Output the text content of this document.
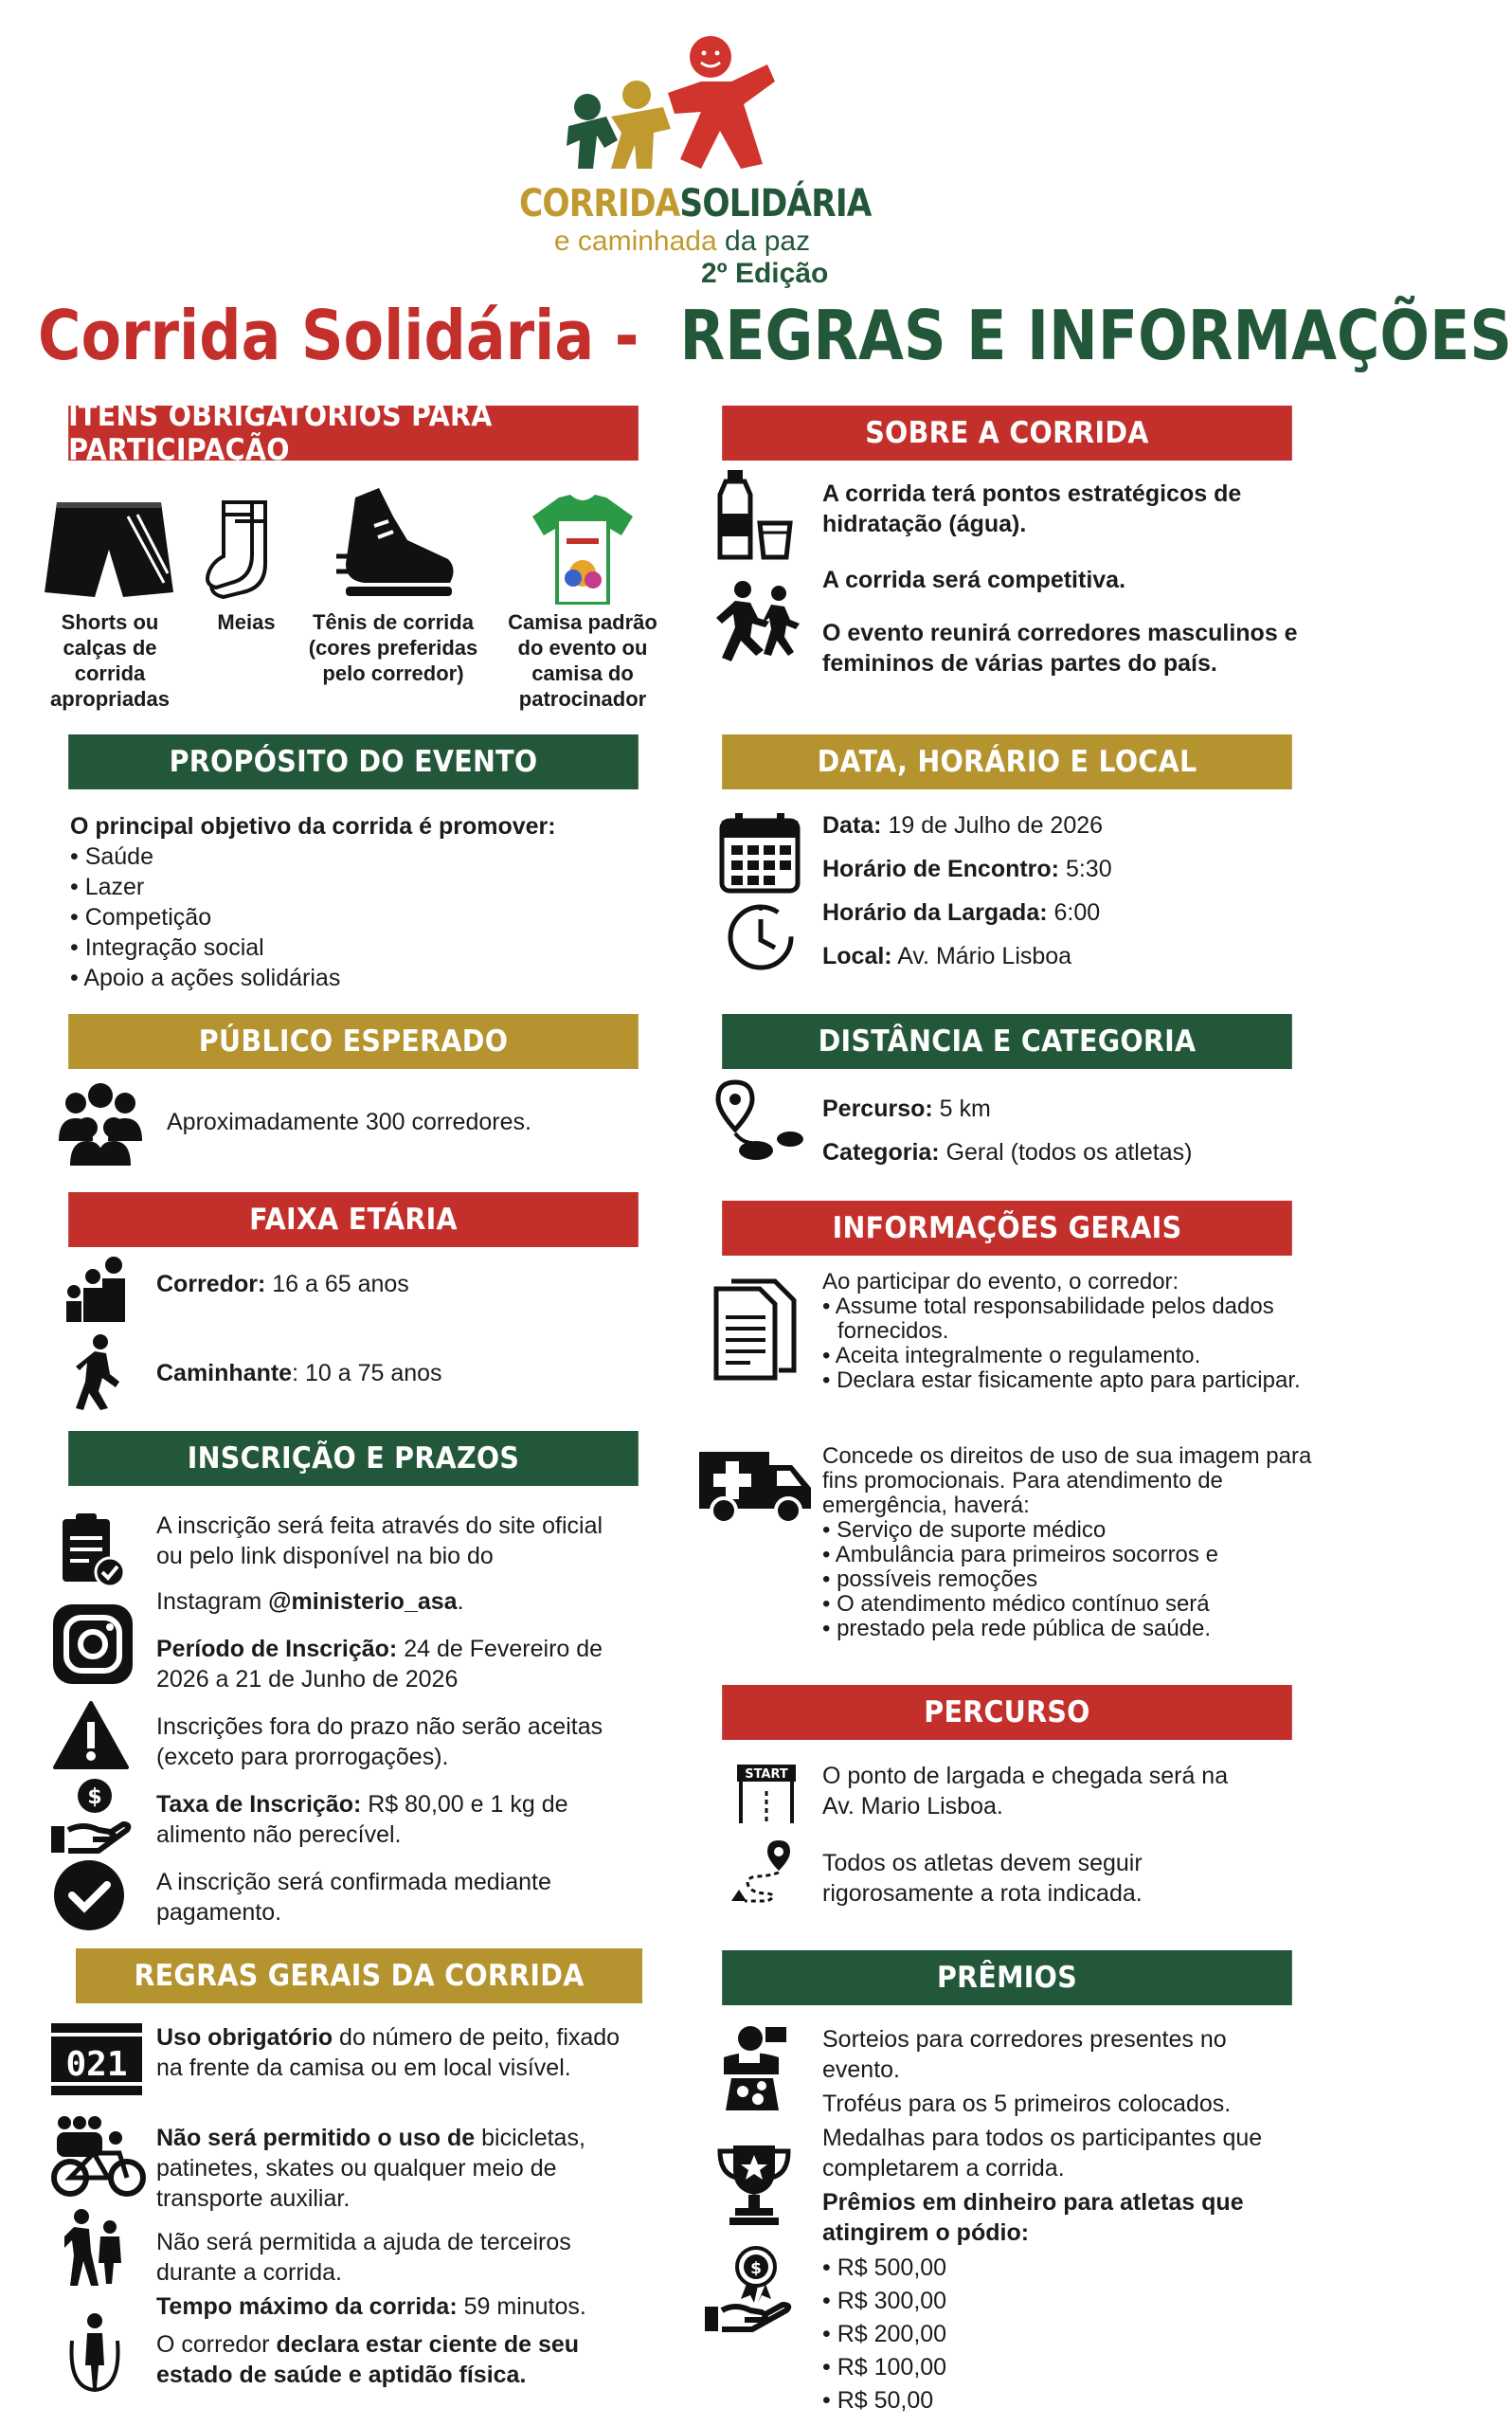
CORRIDASOLIDÁRIA
e caminhada da paz
2º Edição
Corrida Solidária - REGRAS E INFORMAÇÕES
ITENS OBRIGATÓRIOS PARA PARTICIPAÇÃO
Shorts ou calças de corrida apropriadas
Meias	Tênis de corrida (cores preferidas pelo corredor)
Camisa padrão do evento ou camisa do patrocinador
PROPÓSITO DO EVENTO
O principal objetivo da corrida é promover:
• Saúde
• Lazer
• Competição
• Integração social
• Apoio a ações solidárias
PÚBLICO ESPERADO
Aproximadamente 300 corredores.
FAIXA ETÁRIA
Corredor: 16 a 65 anos
Caminhante: 10 a 75 anos
INSCRIÇÃO E PRAZOS
A inscrição será feita através do site oficial ou pelo link disponível na bio do
Instagram @ministerio_asa.
Período de Inscrição: 24 de Fevereiro de 2026 a 21 de Junho de 2026
Inscrições fora do prazo não serão aceitas (exceto para prorrogações).
$ Taxa de Inscrição: R$ 80,00 e 1 kg de alimento não perecível.
A inscrição será confirmada mediante pagamento.
REGRAS GERAIS DA CORRIDA
021
Uso obrigatório do número de peito, fixado na frente da camisa ou em local visível.
Não será permitido o uso de bicicletas, patinetes, skates ou qualquer meio de transporte auxiliar.
Não será permitida a ajuda de terceiros durante a corrida.
Tempo máximo da corrida: 59 minutos.
O corredor declara estar ciente de seu estado de saúde e aptidão física.
SOBRE A CORRIDA
A corrida terá pontos estratégicos de hidratação (água).
A corrida será competitiva.
O evento reunirá corredores masculinos e femininos de várias partes do país.
DATA, HORÁRIO E LOCAL
Data: 19 de Julho de 2026
Horário de Encontro: 5:30
Horário da Largada: 6:00
Local: Av. Mário Lisboa
DISTÂNCIA E CATEGORIA
Percurso: 5 km
Categoria: Geral (todos os atletas)
INFORMAÇÕES GERAIS
Ao participar do evento, o corredor:
• Assume total responsabilidade pelos dados fornecidos.
• Aceita integralmente o regulamento.
• Declara estar fisicamente apto para participar.
Concede os direitos de uso de sua imagem para fins promocionais. Para atendimento de emergência, haverá:
• Serviço de suporte médico
• Ambulância para primeiros socorros e
• possíveis remoções
• O atendimento médico contínuo será
• prestado pela rede pública de saúde.
PERCURSO
START O ponto de largada e chegada será na Av. Mario Lisboa.
Todos os atletas devem seguir rigorosamente a rota indicada.
PRÊMIOS
Sorteios para corredores presentes no evento.
Troféus para os 5 primeiros colocados.
Medalhas para todos os participantes que completarem a corrida.
Prêmios em dinheiro para atletas que atingirem o pódio:
$
•	R$ 500,00
• R$ 300,00
• R$ 200,00
• R$ 100,00
• R$ 50,00
